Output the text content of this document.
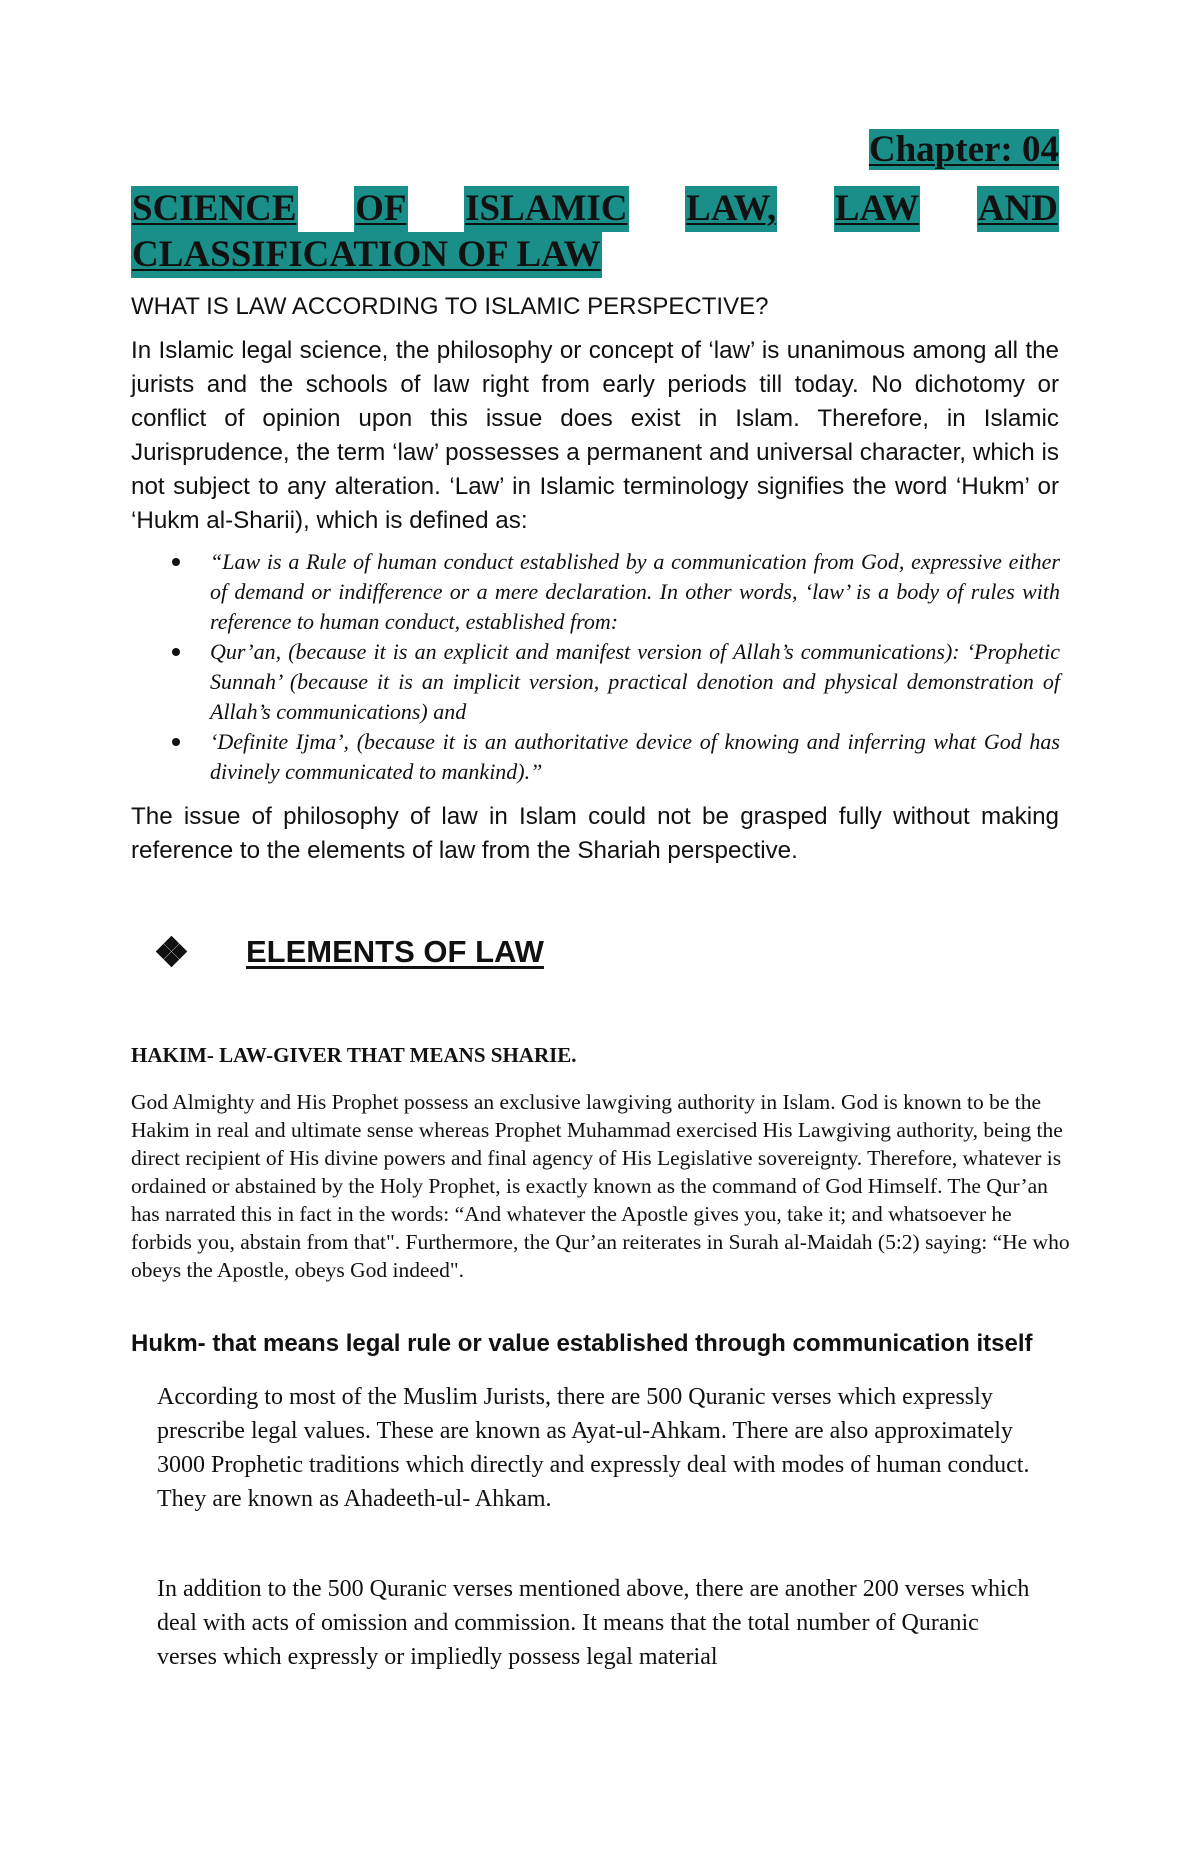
Chapter: 04
SCIENCE OF ISLAMIC LAW, LAW AND
CLASSIFICATION OF LAW
WHAT IS LAW ACCORDING TO ISLAMIC PERSPECTIVE?

In Islamic legal science, the philosophy or concept of ‘law’ is unanimous among all the jurists and the schools of law right from early periods till today. No dichotomy or conflict of opinion upon this issue does exist in Islam. Therefore, in Islamic Jurisprudence, the term ‘law’ possesses a permanent and universal character, which is not subject to any alteration. ‘Law’ in Islamic terminology signifies the word ‘Hukm’ or ‘Hukm al-Sharii), which is defined as:

“Law is a Rule of human conduct established by a communication from God, expressive either of demand or indifference or a mere declaration. In other words, ‘law’ is a body of rules with reference to human conduct, established from:
Qur’an, (because it is an explicit and manifest version of Allah’s communications): ‘Prophetic Sunnah’ (because it is an implicit version, practical denotion and physical demonstration of Allah’s communications) and
‘Definite Ijma’, (because it is an authoritative device of knowing and inferring what God has divinely communicated to mankind).”

The issue of philosophy of law in Islam could not be grasped fully without making reference to the elements of law from the Shariah perspective.

ELEMENTS OF LAW
HAKIM- LAW-GIVER THAT MEANS SHARIE.

God Almighty and His Prophet possess an exclusive lawgiving authority in Islam. God is known to be the Hakim in real and ultimate sense whereas Prophet Muhammad exercised His Lawgiving authority, being the direct recipient of His divine powers and final agency of His Legislative sovereignty. Therefore, whatever is ordained or abstained by the Holy Prophet, is exactly known as the command of God Himself. The Qur’an has narrated this in fact in the words: “And whatever the Apostle gives you, take it; and whatsoever he forbids you, abstain from that". Furthermore, the Qur’an reiterates in Surah al-Maidah (5:2) saying: “He who obeys the Apostle, obeys God indeed".

Hukm- that means legal rule or value established through communication itself

According to most of the Muslim Jurists, there are 500 Quranic verses which expressly prescribe legal values. These are known as Ayat-ul-Ahkam. There are also approximately 3000 Prophetic traditions which directly and expressly deal with modes of human conduct. They are known as Ahadeeth-ul- Ahkam.

In addition to the 500 Quranic verses mentioned above, there are another 200 verses which deal with acts of omission and commission. It means that the total number of Quranic verses which expressly or impliedly possess legal material
